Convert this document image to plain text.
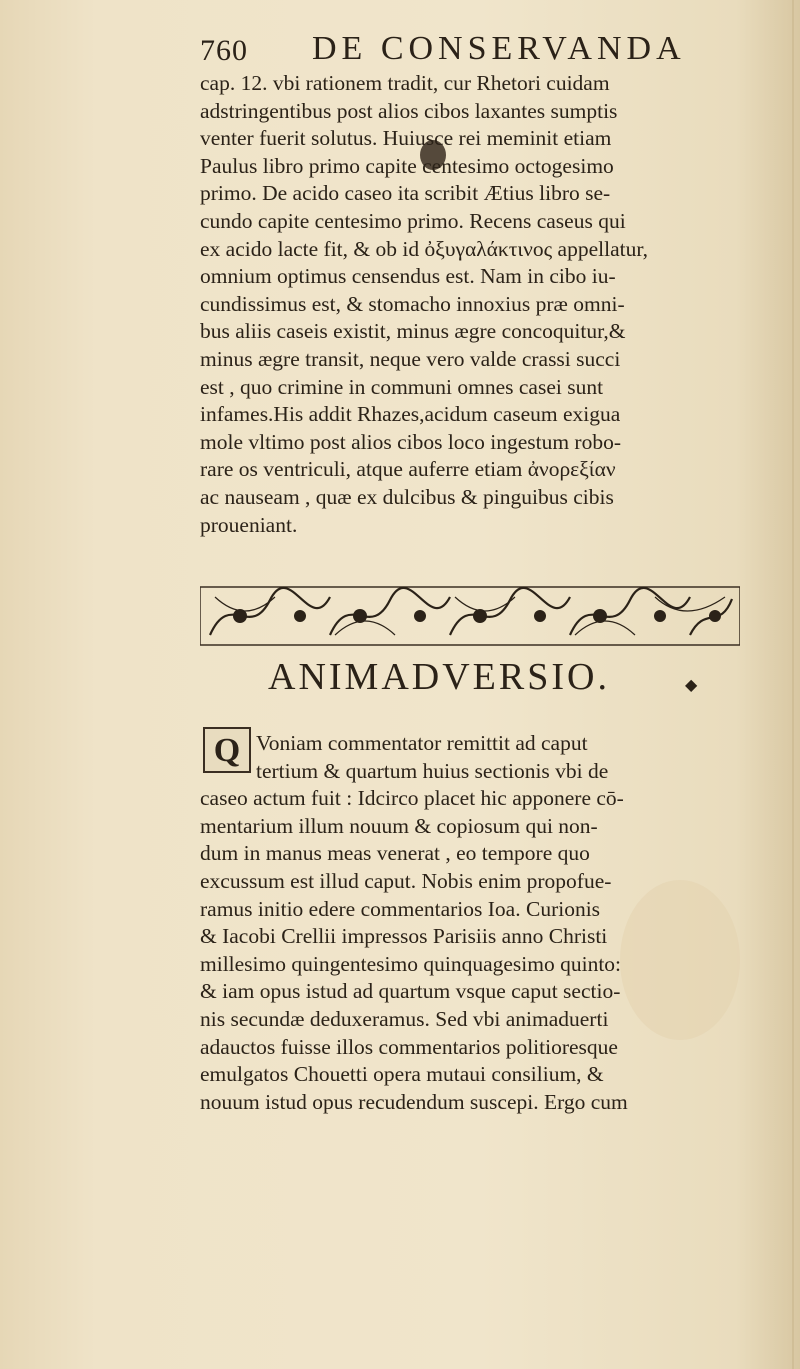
760 DE CONSERVANDA
cap. 12. vbi rationem tradit, cur Rhetori cuidam
adstringentibus post alios cibos laxantes sumptis
venter fuerit solutus. Huiusce rei meminit etiam
Paulus libro primo capite centesimo octogesimo
primo. De acido caseo ita scribit Ætius libro se-
cundo capite centesimo primo. Recens caseus qui
ex acido lacte fit, & ob id ὀξυγαλάκτινος appellatur,
omnium optimus censendus est. Nam in cibo iu-
cundissimus est, & stomacho innoxius præ omni-
bus aliis caseis existit, minus ægre concoquitur,&
minus ægre transit, neque vero valde crassi succi
est , quo crimine in communi omnes casei sunt
infames.His addit Rhazes,acidum caseum exigua
mole vltimo post alios cibos loco ingestum robo-
rare os ventriculi, atque auferre etiam ἀνορεξίαν
ac nauseam , quæ ex dulcibus & pinguibus cibis
proueniant.
ANIMADVERSIO.	◆
Q Voniam commentator remittit ad caput
tertium & quartum huius sectionis vbi de
caseo actum fuit : Idcirco placet hic apponere cō-
mentarium illum nouum & copiosum qui non-
dum in manus meas venerat , eo tempore quo
excussum est illud caput. Nobis enim propofue-
ramus initio edere commentarios Ioa. Curionis
& Iacobi Crellii impressos Parisiis anno Christi
millesimo quingentesimo quinquagesimo quinto:
& iam opus istud ad quartum vsque caput sectio-
nis secundæ deduxeramus. Sed vbi animaduerti
adauctos fuisse illos commentarios politioresque
emulgatos Chouetti opera mutaui consilium, &
nouum istud opus recudendum suscepi. Ergo cum
